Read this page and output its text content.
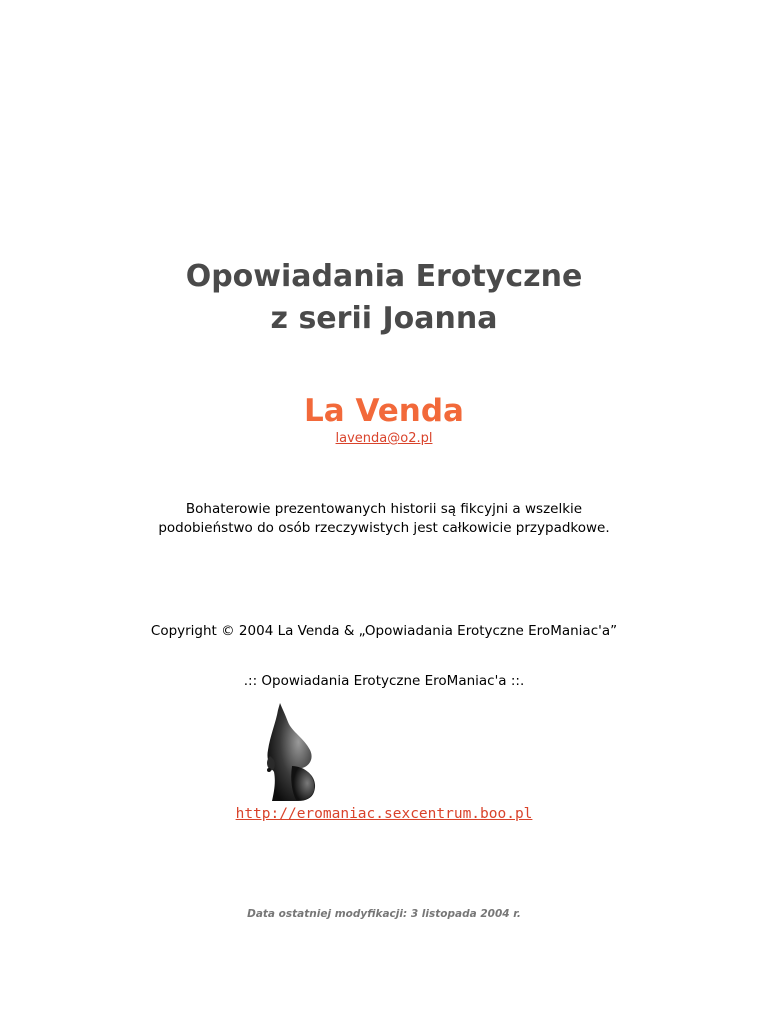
Opowiadania Erotyczne
z serii Joanna
La Venda
lavenda@o2.pl
Bohaterowie prezentowanych historii są fikcyjni a wszelkie
podobieństwo do osób rzeczywistych jest całkowicie przypadkowe.
Copyright © 2004 La Venda & „Opowiadania Erotyczne EroManiac'a”
.:: Opowiadania Erotyczne EroManiac'a ::.
http://eromaniac.sexcentrum.boo.pl
Data ostatniej modyfikacji: 3 listopada 2004 r.
